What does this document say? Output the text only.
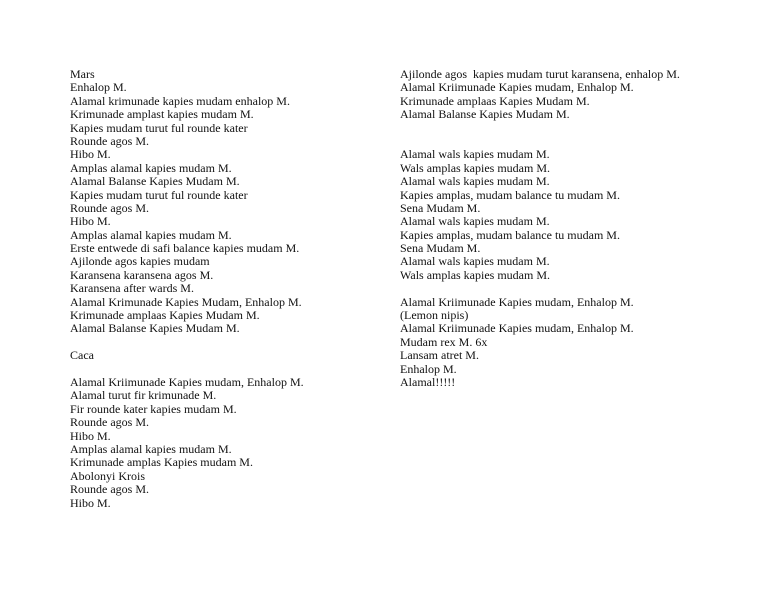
Mars
Enhalop M.
Alamal krimunade kapies mudam enhalop M.
Krimunade amplast kapies mudam M.
Kapies mudam turut ful rounde kater
Rounde agos M.
Hibo M.
Amplas alamal kapies mudam M.
Alamal Balanse Kapies Mudam M.
Kapies mudam turut ful rounde kater
Rounde agos M.
Hibo M.
Amplas alamal kapies mudam M.
Erste entwede di safi balance kapies mudam M.
Ajilonde agos kapies mudam
Karansena karansena agos M.
Karansena after wards M.
Alamal Krimunade Kapies Mudam, Enhalop M.
Krimunade amplaas Kapies Mudam M.
Alamal Balanse Kapies Mudam M.
Caca
Alamal Kriimunade Kapies mudam, Enhalop M.
Alamal turut fir krimunade M.
Fir rounde kater kapies mudam M.
Rounde agos M.
Hibo M.
Amplas alamal kapies mudam M.
Krimunade amplas Kapies mudam M.
Abolonyi Krois
Rounde agos M.
Hibo M.
Ajilonde agos  kapies mudam turut karansena, enhalop M.
Alamal Kriimunade Kapies mudam, Enhalop M.
Krimunade amplaas Kapies Mudam M.
Alamal Balanse Kapies Mudam M.
Alamal wals kapies mudam M.
Wals amplas kapies mudam M.
Alamal wals kapies mudam M.
Kapies amplas, mudam balance tu mudam M.
Sena Mudam M.
Alamal wals kapies mudam M.
Kapies amplas, mudam balance tu mudam M.
Sena Mudam M.
Alamal wals kapies mudam M.
Wals amplas kapies mudam M.
Alamal Kriimunade Kapies mudam, Enhalop M.
(Lemon nipis)
Alamal Kriimunade Kapies mudam, Enhalop M.
Mudam rex M. 6x
Lansam atret M.
Enhalop M.
Alamal!!!!!
